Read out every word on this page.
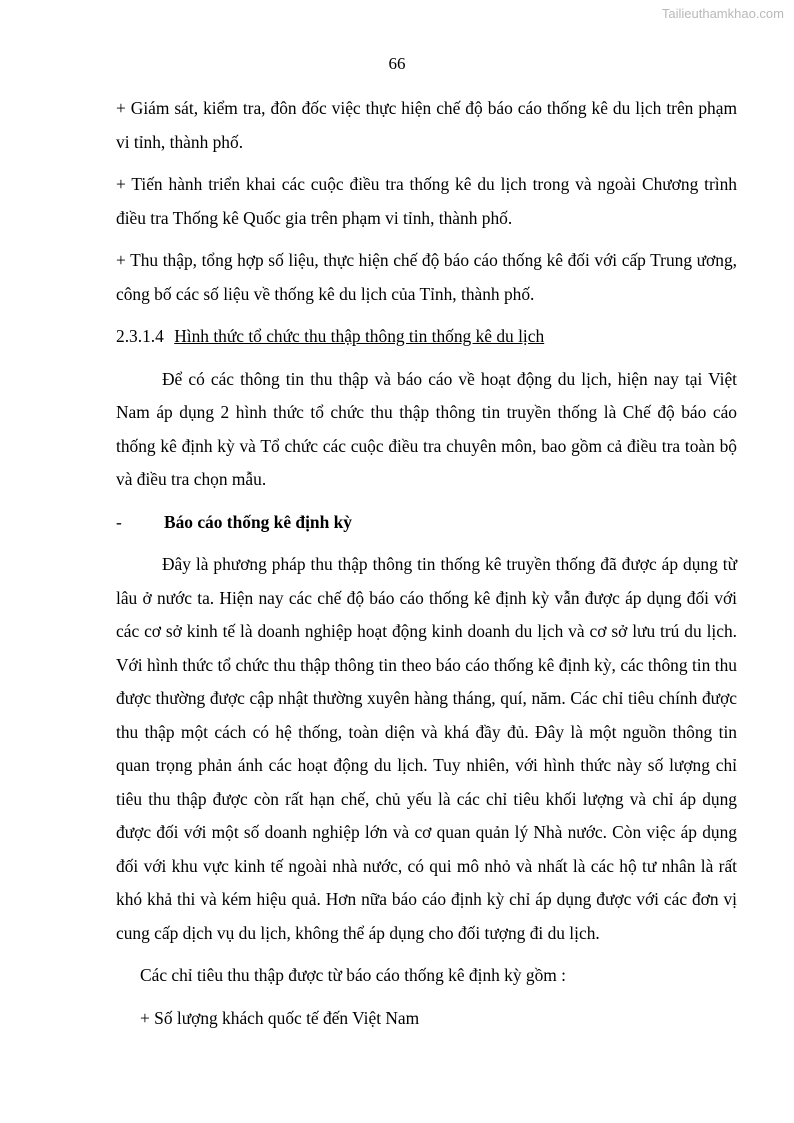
Tailieuthamkhao.com
66

+ Giám sát, kiểm tra, đôn đốc việc thực hiện chế độ báo cáo thống kê du lịch trên phạm vi tỉnh, thành phố.

+ Tiến hành triển khai các cuộc điều tra thống kê du lịch trong và ngoài Chương trình điều tra Thống kê Quốc gia trên phạm vi tỉnh, thành phố.

+ Thu thập, tổng hợp số liệu, thực hiện chế độ báo cáo thống kê đối với cấp Trung ương, công bố các số liệu về thống kê du lịch của Tỉnh, thành phố.

2.3.1.4 Hình thức tổ chức thu thập thông tin thống kê du lịch

Để có các thông tin thu thập và báo cáo về hoạt động du lịch, hiện nay tại Việt Nam áp dụng 2 hình thức tổ chức thu thập thông tin truyền thống là Chế độ báo cáo thống kê định kỳ và Tổ chức các cuộc điều tra chuyên môn, bao gồm cả điều tra toàn bộ và điều tra chọn mẫu.

- Báo cáo thống kê định kỳ

Đây là phương pháp thu thập thông tin thống kê truyền thống đã được áp dụng từ lâu ở nước ta. Hiện nay các chế độ báo cáo thống kê định kỳ vẫn được áp dụng đối với các cơ sở kinh tế là doanh nghiệp hoạt động kinh doanh du lịch và cơ sở lưu trú du lịch. Với hình thức tổ chức thu thập thông tin theo báo cáo thống kê định kỳ, các thông tin thu được thường được cập nhật thường xuyên hàng tháng, quí, năm. Các chỉ tiêu chính được thu thập một cách có hệ thống, toàn diện và khá đầy đủ. Đây là một nguồn thông tin quan trọng phản ánh các hoạt động du lịch. Tuy nhiên, với hình thức này số lượng chỉ tiêu thu thập được còn rất hạn chế, chủ yếu là các chỉ tiêu khối lượng và chỉ áp dụng được đối với một số doanh nghiệp lớn và cơ quan quản lý Nhà nước. Còn việc áp dụng đối với khu vực kinh tế ngoài nhà nước, có qui mô nhỏ và nhất là các hộ tư nhân là rất khó khả thi và kém hiệu quả. Hơn nữa báo cáo định kỳ chỉ áp dụng được với các đơn vị cung cấp dịch vụ du lịch, không thể áp dụng cho đối tượng đi du lịch.

Các chỉ tiêu thu thập được từ báo cáo thống kê định kỳ gồm :

+ Số lượng khách quốc tế đến Việt Nam
